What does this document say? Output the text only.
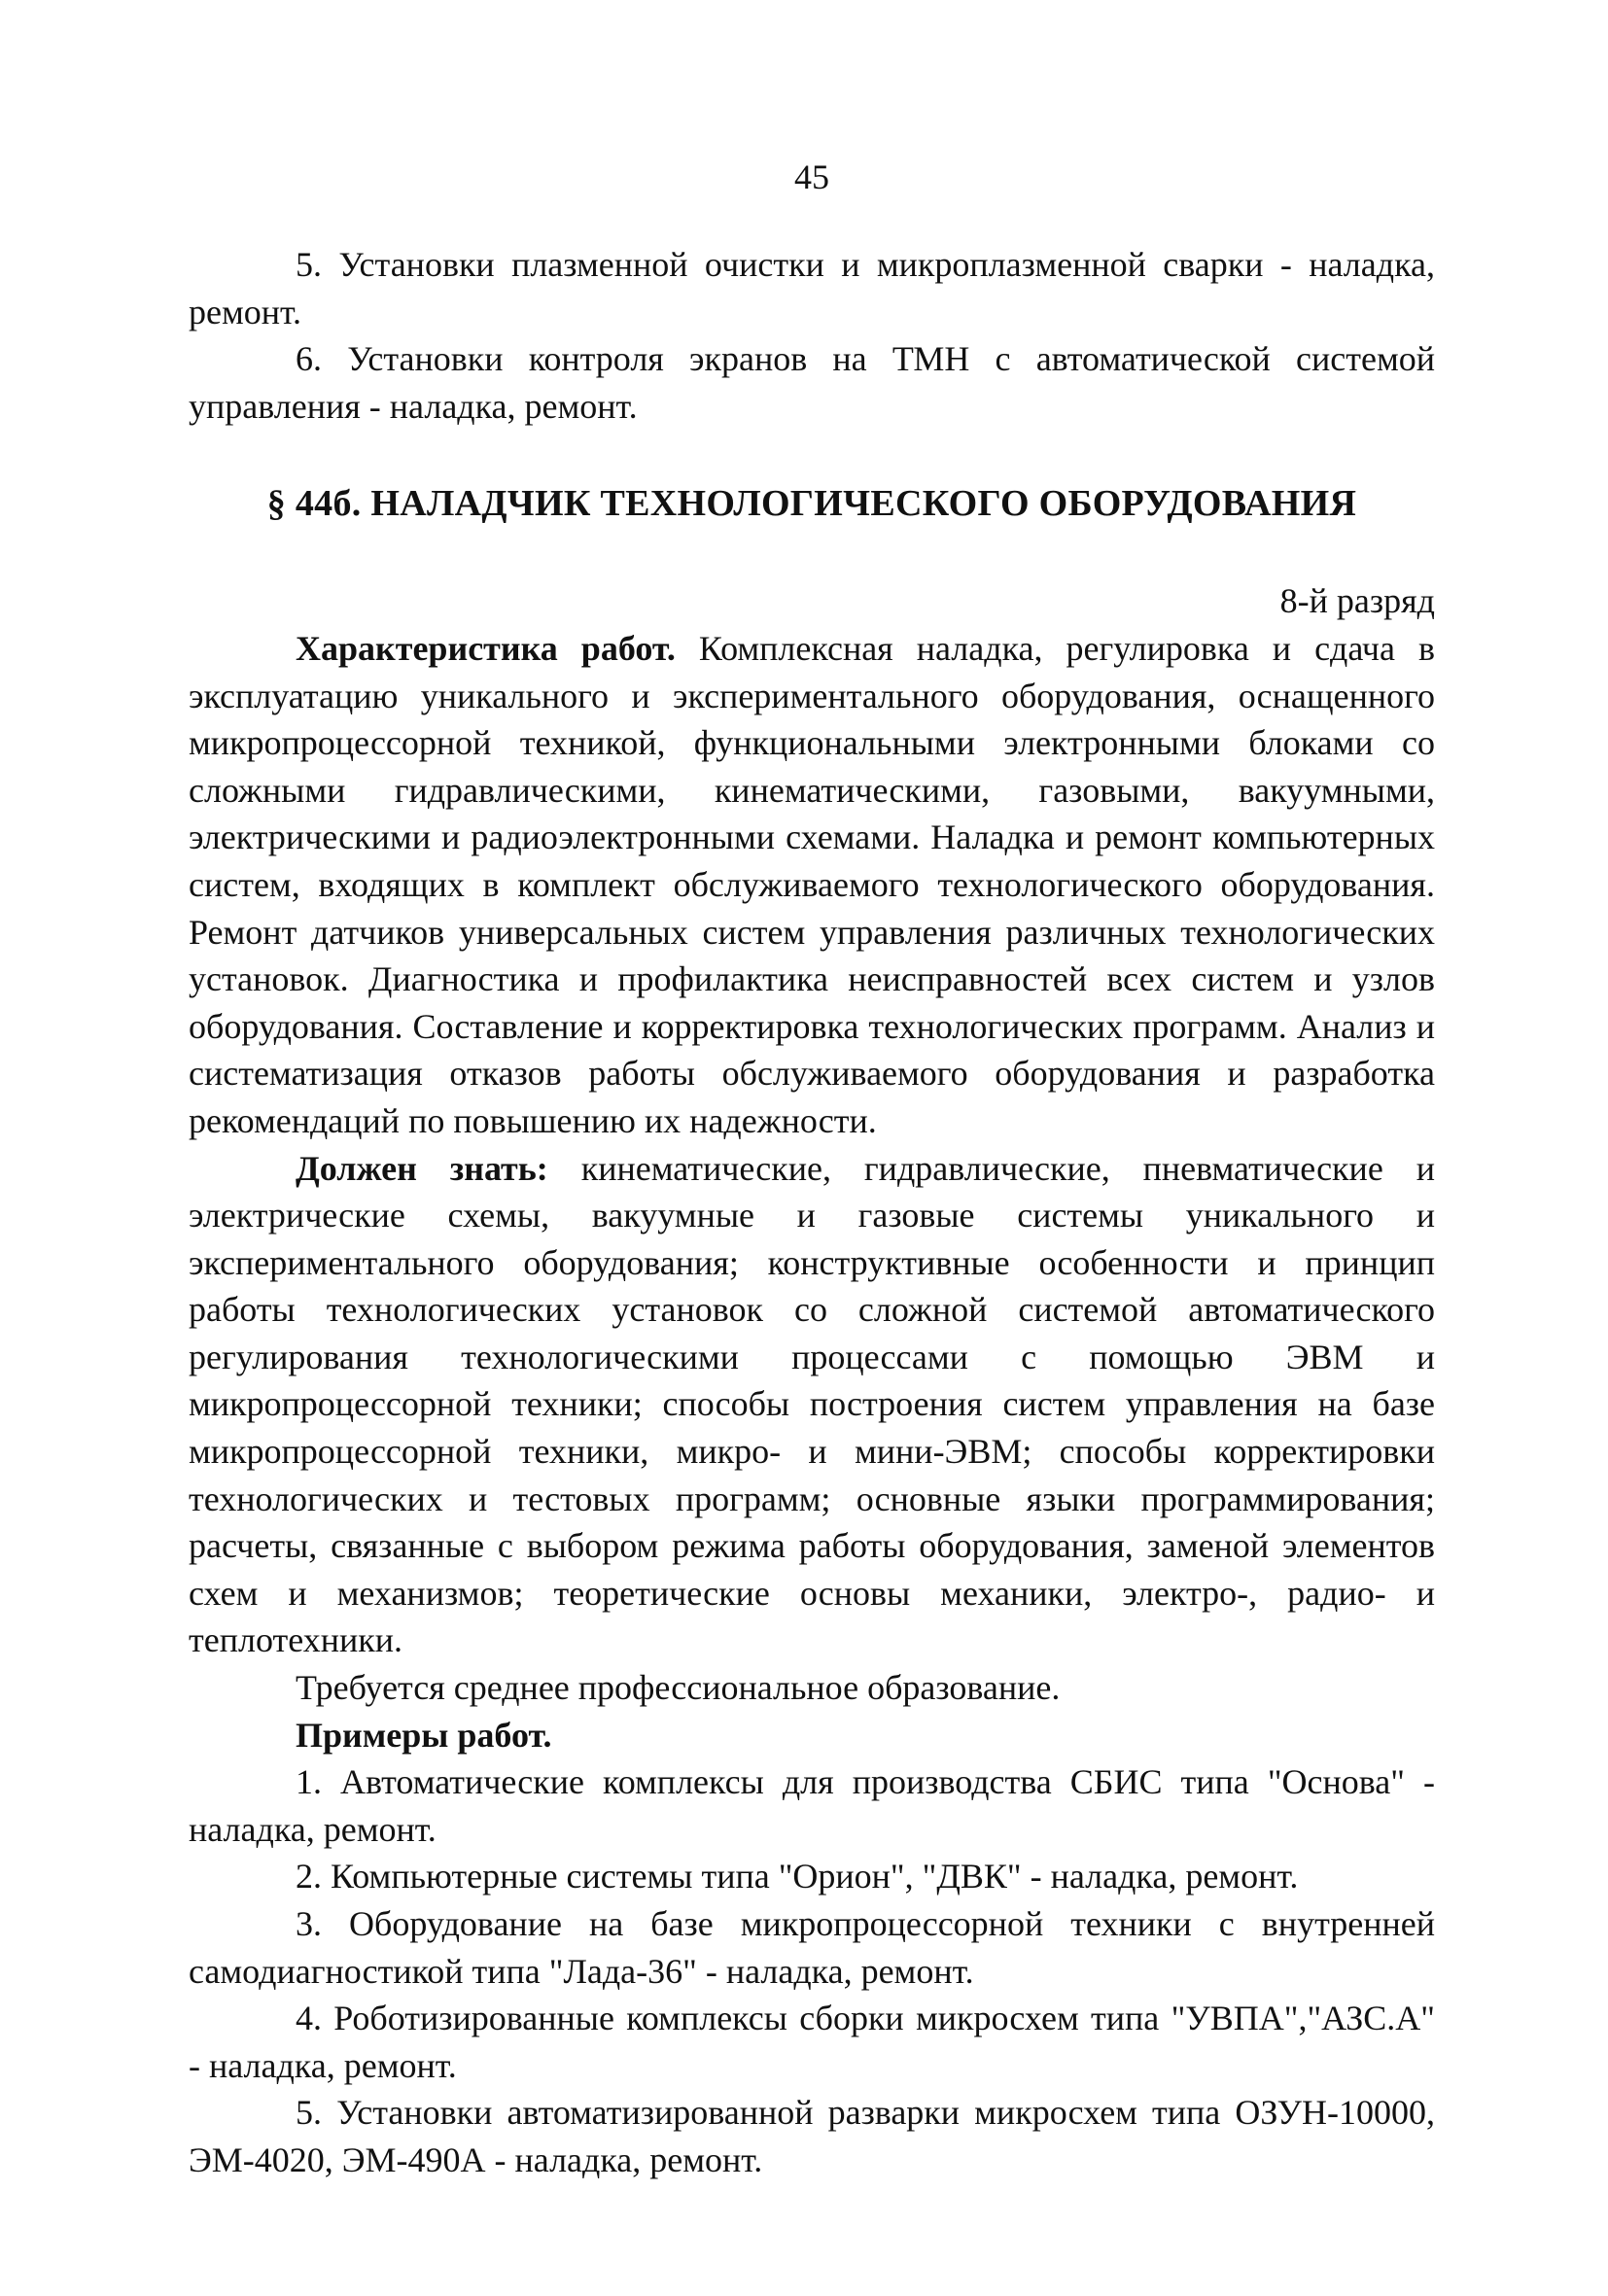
45

5. Установки плазменной очистки и микроплазменной сварки - наладка, ремонт.

6. Установки контроля экранов на ТМН с автоматической системой управления - наладка, ремонт.

§ 44б. НАЛАДЧИК ТЕХНОЛОГИЧЕСКОГО ОБОРУДОВАНИЯ
8-й разряд

Характеристика работ. Комплексная наладка, регулировка и сдача в эксплуатацию уникального и экспериментального оборудования, оснащенного микропроцессорной техникой, функциональными электронными блоками со сложными гидравлическими, кинематическими, газовыми, вакуумными, электрическими и радиоэлектронными схемами. Наладка и ремонт компьютерных систем, входящих в комплект обслуживаемого технологического оборудования. Ремонт датчиков универсальных систем управления различных технологических установок. Диагностика и профилактика неисправностей всех систем и узлов оборудования. Составление и корректировка технологических программ. Анализ и систематизация отказов работы обслуживаемого оборудования и разработка рекомендаций по повышению их надежности.

Должен знать: кинематические, гидравлические, пневматические и электрические схемы, вакуумные и газовые системы уникального и экспериментального оборудования; конструктивные особенности и принцип работы технологических установок со сложной системой автоматического регулирования технологическими процессами с помощью ЭВМ и микропроцессорной техники; способы построения систем управления на базе микропроцессорной техники, микро- и мини-ЭВМ; способы корректировки технологических и тестовых программ; основные языки программирования; расчеты, связанные с выбором режима работы оборудования, заменой элементов схем и механизмов; теоретические основы механики, электро-, радио- и теплотехники.

Требуется среднее профессиональное образование.

Примеры работ.

1. Автоматические комплексы для производства СБИС типа "Основа" - наладка, ремонт.

2. Компьютерные системы типа "Орион", "ДВК" - наладка, ремонт.

3. Оборудование на базе микропроцессорной техники с внутренней самодиагностикой типа "Лада-36" - наладка, ремонт.

4. Роботизированные комплексы сборки микросхем типа "УВПА","АЗС.А" - наладка, ремонт.

5. Установки автоматизированной разварки микросхем типа ОЗУН-10000, ЭМ-4020, ЭМ-490А - наладка, ремонт.
